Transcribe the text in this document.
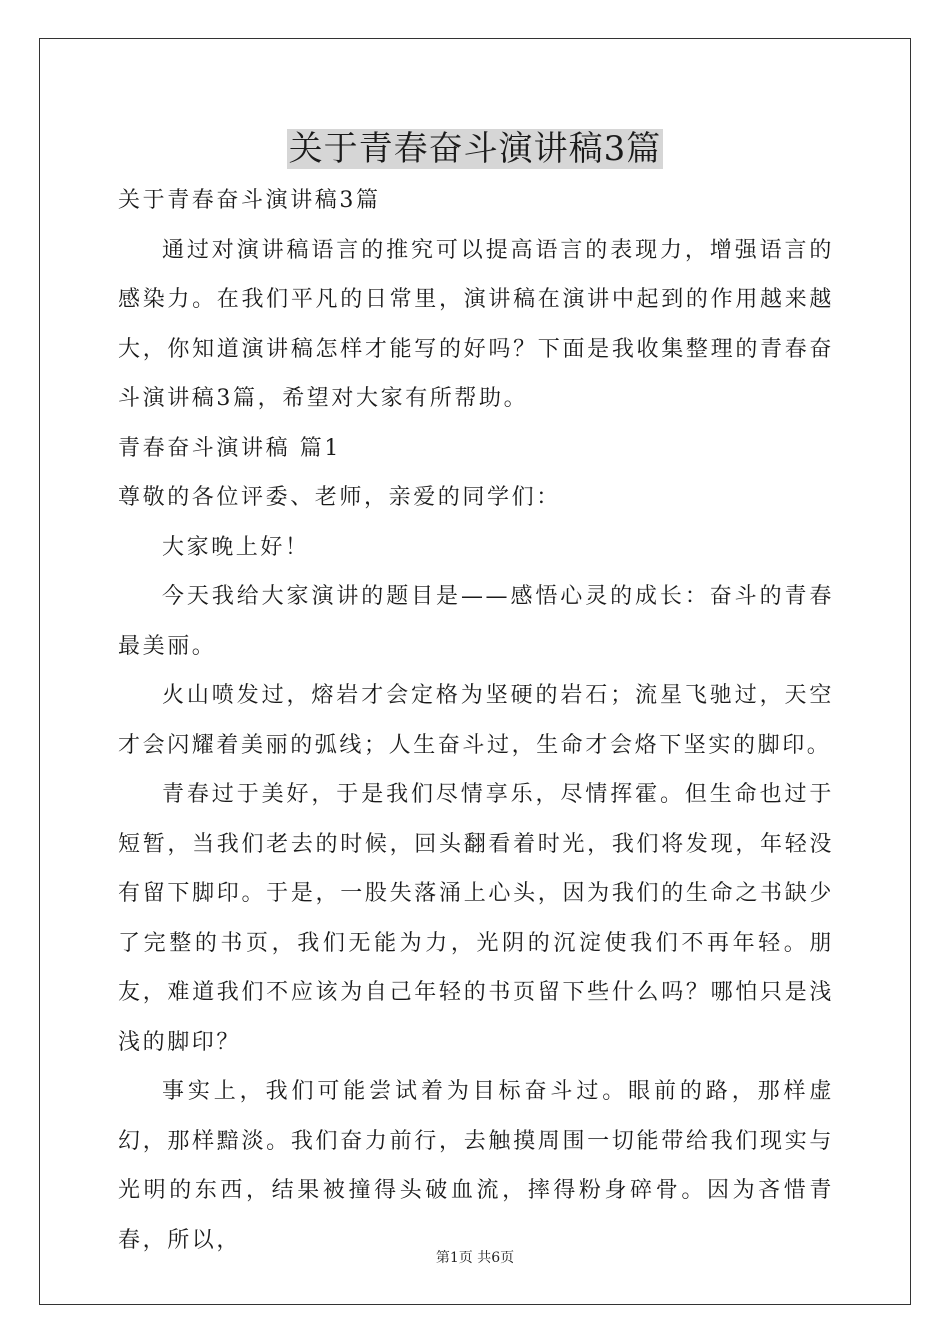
关于青春奋斗演讲稿3篇

关于青春奋斗演讲稿3篇

通过对演讲稿语言的推究可以提高语言的表现力，增强语言的感染力。在我们平凡的日常里，演讲稿在演讲中起到的作用越来越大，你知道演讲稿怎样才能写的好吗？下面是我收集整理的青春奋斗演讲稿3篇，希望对大家有所帮助。

青春奋斗演讲稿 篇1

尊敬的各位评委、老师，亲爱的同学们：

大家晚上好！

今天我给大家演讲的题目是——感悟心灵的成长：奋斗的青春最美丽。

火山喷发过，熔岩才会定格为坚硬的岩石；流星飞驰过，天空才会闪耀着美丽的弧线；人生奋斗过，生命才会烙下坚实的脚印。

青春过于美好，于是我们尽情享乐，尽情挥霍。但生命也过于短暂，当我们老去的时候，回头翻看着时光，我们将发现，年轻没有留下脚印。于是，一股失落涌上心头，因为我们的生命之书缺少了完整的书页，我们无能为力，光阴的沉淀使我们不再年轻。朋友，难道我们不应该为自己年轻的书页留下些什么吗？哪怕只是浅浅的脚印？

事实上，我们可能尝试着为目标奋斗过。眼前的路，那样虚幻，那样黯淡。我们奋力前行，去触摸周围一切能带给我们现实与光明的东西，结果被撞得头破血流，摔得粉身碎骨。因为吝惜青春，所以，

第1页 共6页
